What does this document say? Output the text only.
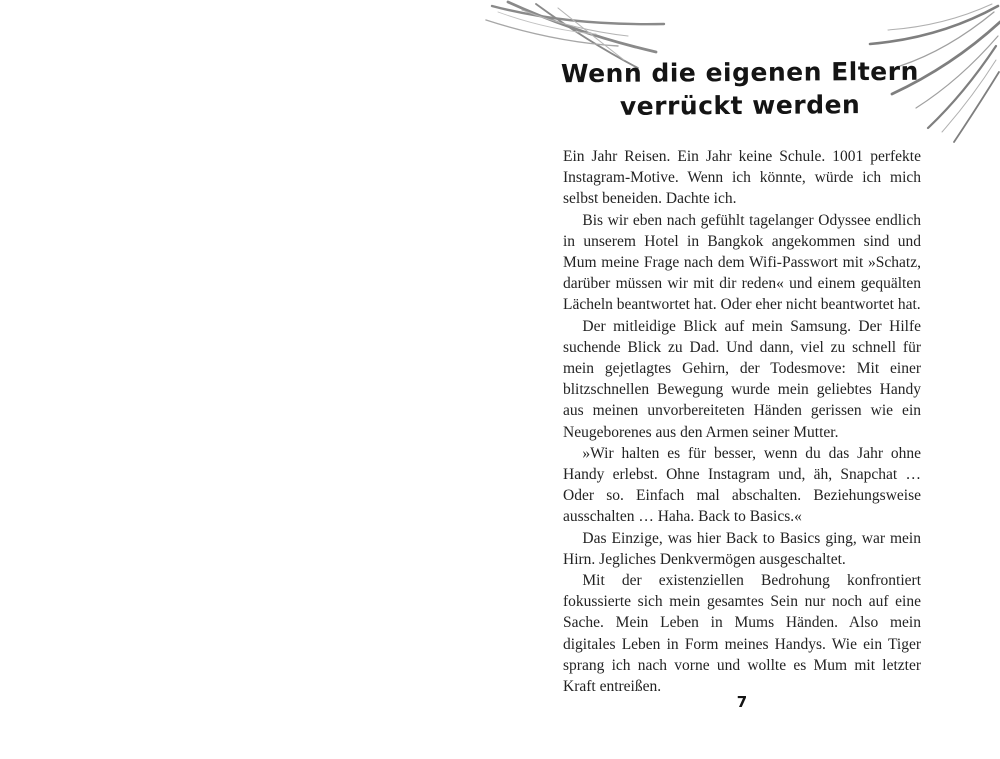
Wenn die eigenen Eltern
verrückt werden

Ein Jahr Reisen. Ein Jahr keine Schule. 1001 perfekte Instagram-Motive. Wenn ich könnte, würde ich mich selbst beneiden. Dachte ich.

Bis wir eben nach gefühlt tagelanger Odyssee endlich in unserem Hotel in Bangkok angekommen sind und Mum meine Frage nach dem Wifi-Passwort mit »Schatz, darüber müssen wir mit dir reden« und einem gequälten Lächeln beantwortet hat. Oder eher nicht beantwortet hat.

Der mitleidige Blick auf mein Samsung. Der Hilfe suchende Blick zu Dad. Und dann, viel zu schnell für mein gejetlagtes Gehirn, der Todesmove: Mit einer blitzschnellen Bewegung wurde mein geliebtes Handy aus meinen unvorbereiteten Händen gerissen wie ein Neugeborenes aus den Armen seiner Mutter.

»Wir halten es für besser, wenn du das Jahr ohne Handy erlebst. Ohne Instagram und, äh, Snapchat … Oder so. Einfach mal abschalten. Beziehungsweise ausschalten … Haha. Back to Basics.«

Das Einzige, was hier Back to Basics ging, war mein Hirn. Jegliches Denkvermögen ausgeschaltet.

Mit der existenziellen Bedrohung konfrontiert fokussierte sich mein gesamtes Sein nur noch auf eine Sache. Mein Leben in Mums Händen. Also mein digitales Leben in Form meines Handys. Wie ein Tiger sprang ich nach vorne und wollte es Mum mit letzter Kraft entreißen.

7
